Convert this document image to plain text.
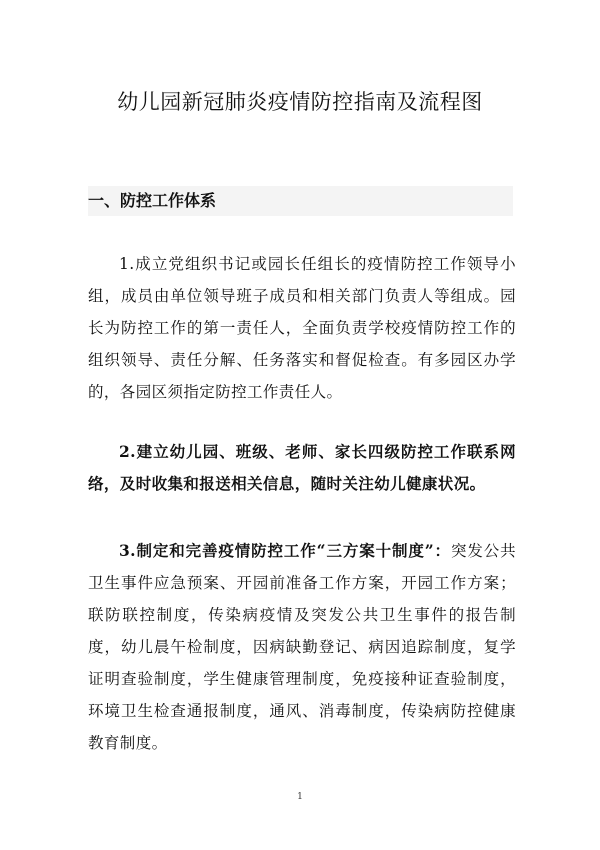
幼儿园新冠肺炎疫情防控指南及流程图
一、防控工作体系

1.成立党组织书记或园长任组长的疫情防控工作领导小组，成员由单位领导班子成员和相关部门负责人等组成。园长为防控工作的第一责任人，全面负责学校疫情防控工作的组织领导、责任分解、任务落实和督促检查。有多园区办学的，各园区须指定防控工作责任人。

2.建立幼儿园、班级、老师、家长四级防控工作联系网络，及时收集和报送相关信息，随时关注幼儿健康状况。

3.制定和完善疫情防控工作“三方案十制度”：突发公共卫生事件应急预案、开园前准备工作方案，开园工作方案；联防联控制度，传染病疫情及突发公共卫生事件的报告制度，幼儿晨午检制度，因病缺勤登记、病因追踪制度，复学证明查验制度，学生健康管理制度，免疫接种证查验制度，环境卫生检查通报制度，通风、消毒制度，传染病防控健康教育制度。

1
